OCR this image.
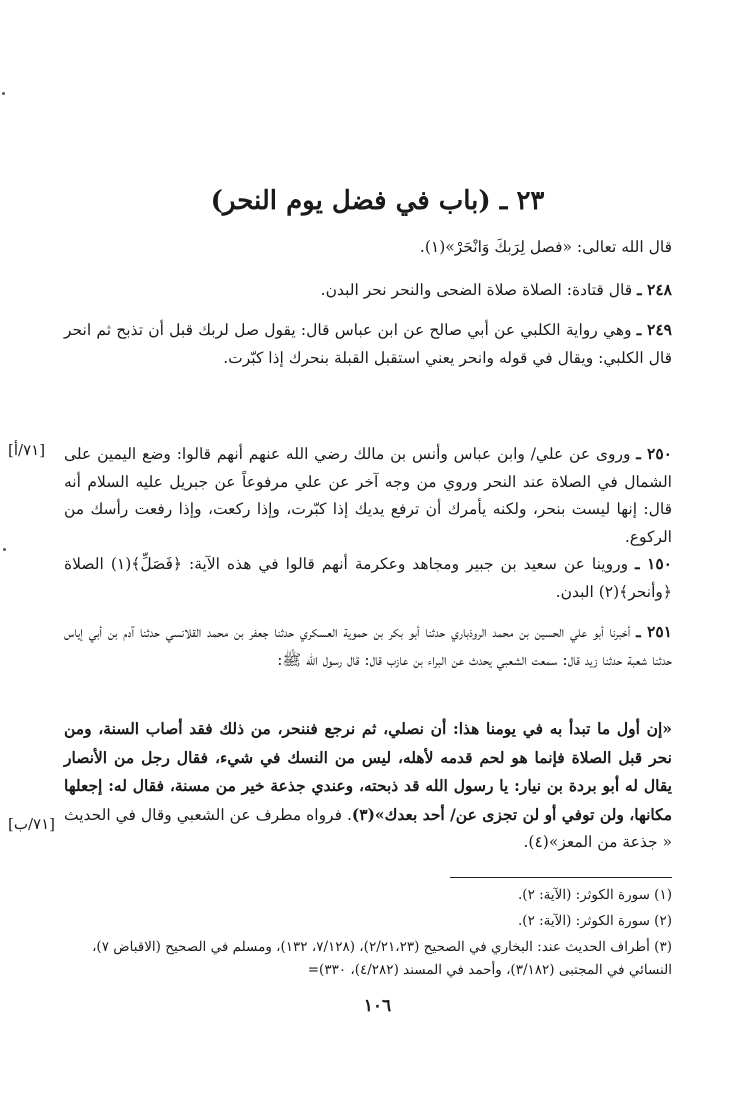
٢٣ ـ (باب في فضل يوم النحر)
قال الله تعالى: «فصل لِرَبكَ وَانْحَرْ»(١).
٢٤٨ ـ قال قتادة: الصلاة صلاة الضحى والنحر نحر البدن.
٢٤٩ ـ وهي رواية الكلبي عن أبي صالح عن ابن عباس قال: يقول صل لربك قبل أن تذبح ثم انحر قال الكلبي: ويقال في قوله وانحر يعني استقبل القبلة بنحرك إذا كبّرت.
[٧١/أ]	٢٥٠ ـ وروى عن علي/ وابن عباس وأنس بن مالك رضي الله عنهم أنهم قالوا: وضع اليمين على الشمال في الصلاة عند النحر وروي من وجه آخر عن علي مرفوعاً عن جبريل عليه السلام أنه قال: إنها ليست بنحر، ولكنه يأمرك أن ترفع يديك إذا كبّرت، وإذا ركعت، وإذا رفعت رأسك من الركوع.
١٥٠ ـ وروينا عن سعيد بن جبير ومجاهد وعكرمة أنهم قالوا في هذه الآية: ﴿فَصَلِّ﴾(١) الصلاة ﴿وأنحر﴾(٢) البدن.
٢٥١ ـ أخبرنا أبو علي الحسين بن محمد الروذباري حدثنا أبو بكر بن حموية العسكري حدثنا جعفر بن محمد القلانسي حدثنا آدم بن أبي إياس حدثنا شعبة حدثنا زيد قال: سمعت الشعبي يحدث عن البراء بن عازب قال: قال رسول الله ﷺ:
[٧١/ب]
«إن أول ما تبدأ به في يومنا هذا: أن نصلي، ثم نرجع فننحر، من ذلك فقد أصاب السنة، ومن نحر قبل الصلاة فإنما هو لحم قدمه لأهله، ليس من النسك في شيء، فقال رجل من الأنصار يقال له أبو بردة بن نيار: يا رسول الله قد ذبحته، وعندي جذعة خير من مسنة، فقال له: إجعلها مكانها، ولن توفي أو لن تجزى عن/ أحد بعدك»(٣). فرواه مطرف عن الشعبي وقال في الحديث « جذعة من المعز»(٤).
(١) سورة الكوثر: (الآية: ٢).
(٢) سورة الكوثر: (الآية: ٢).
(٣) أطراف الحديث عند: البخاري في الصحيح (٢/٢١،٢٣)، (٧/١٢٨، ١٣٢)، ومسلم في الصحيح (الاقباض ٧)، النسائي في المجتبى (٣/١٨٢)، وأحمد في المسند (٤/٢٨٢)، ٣٣٠)=
١٠٦
